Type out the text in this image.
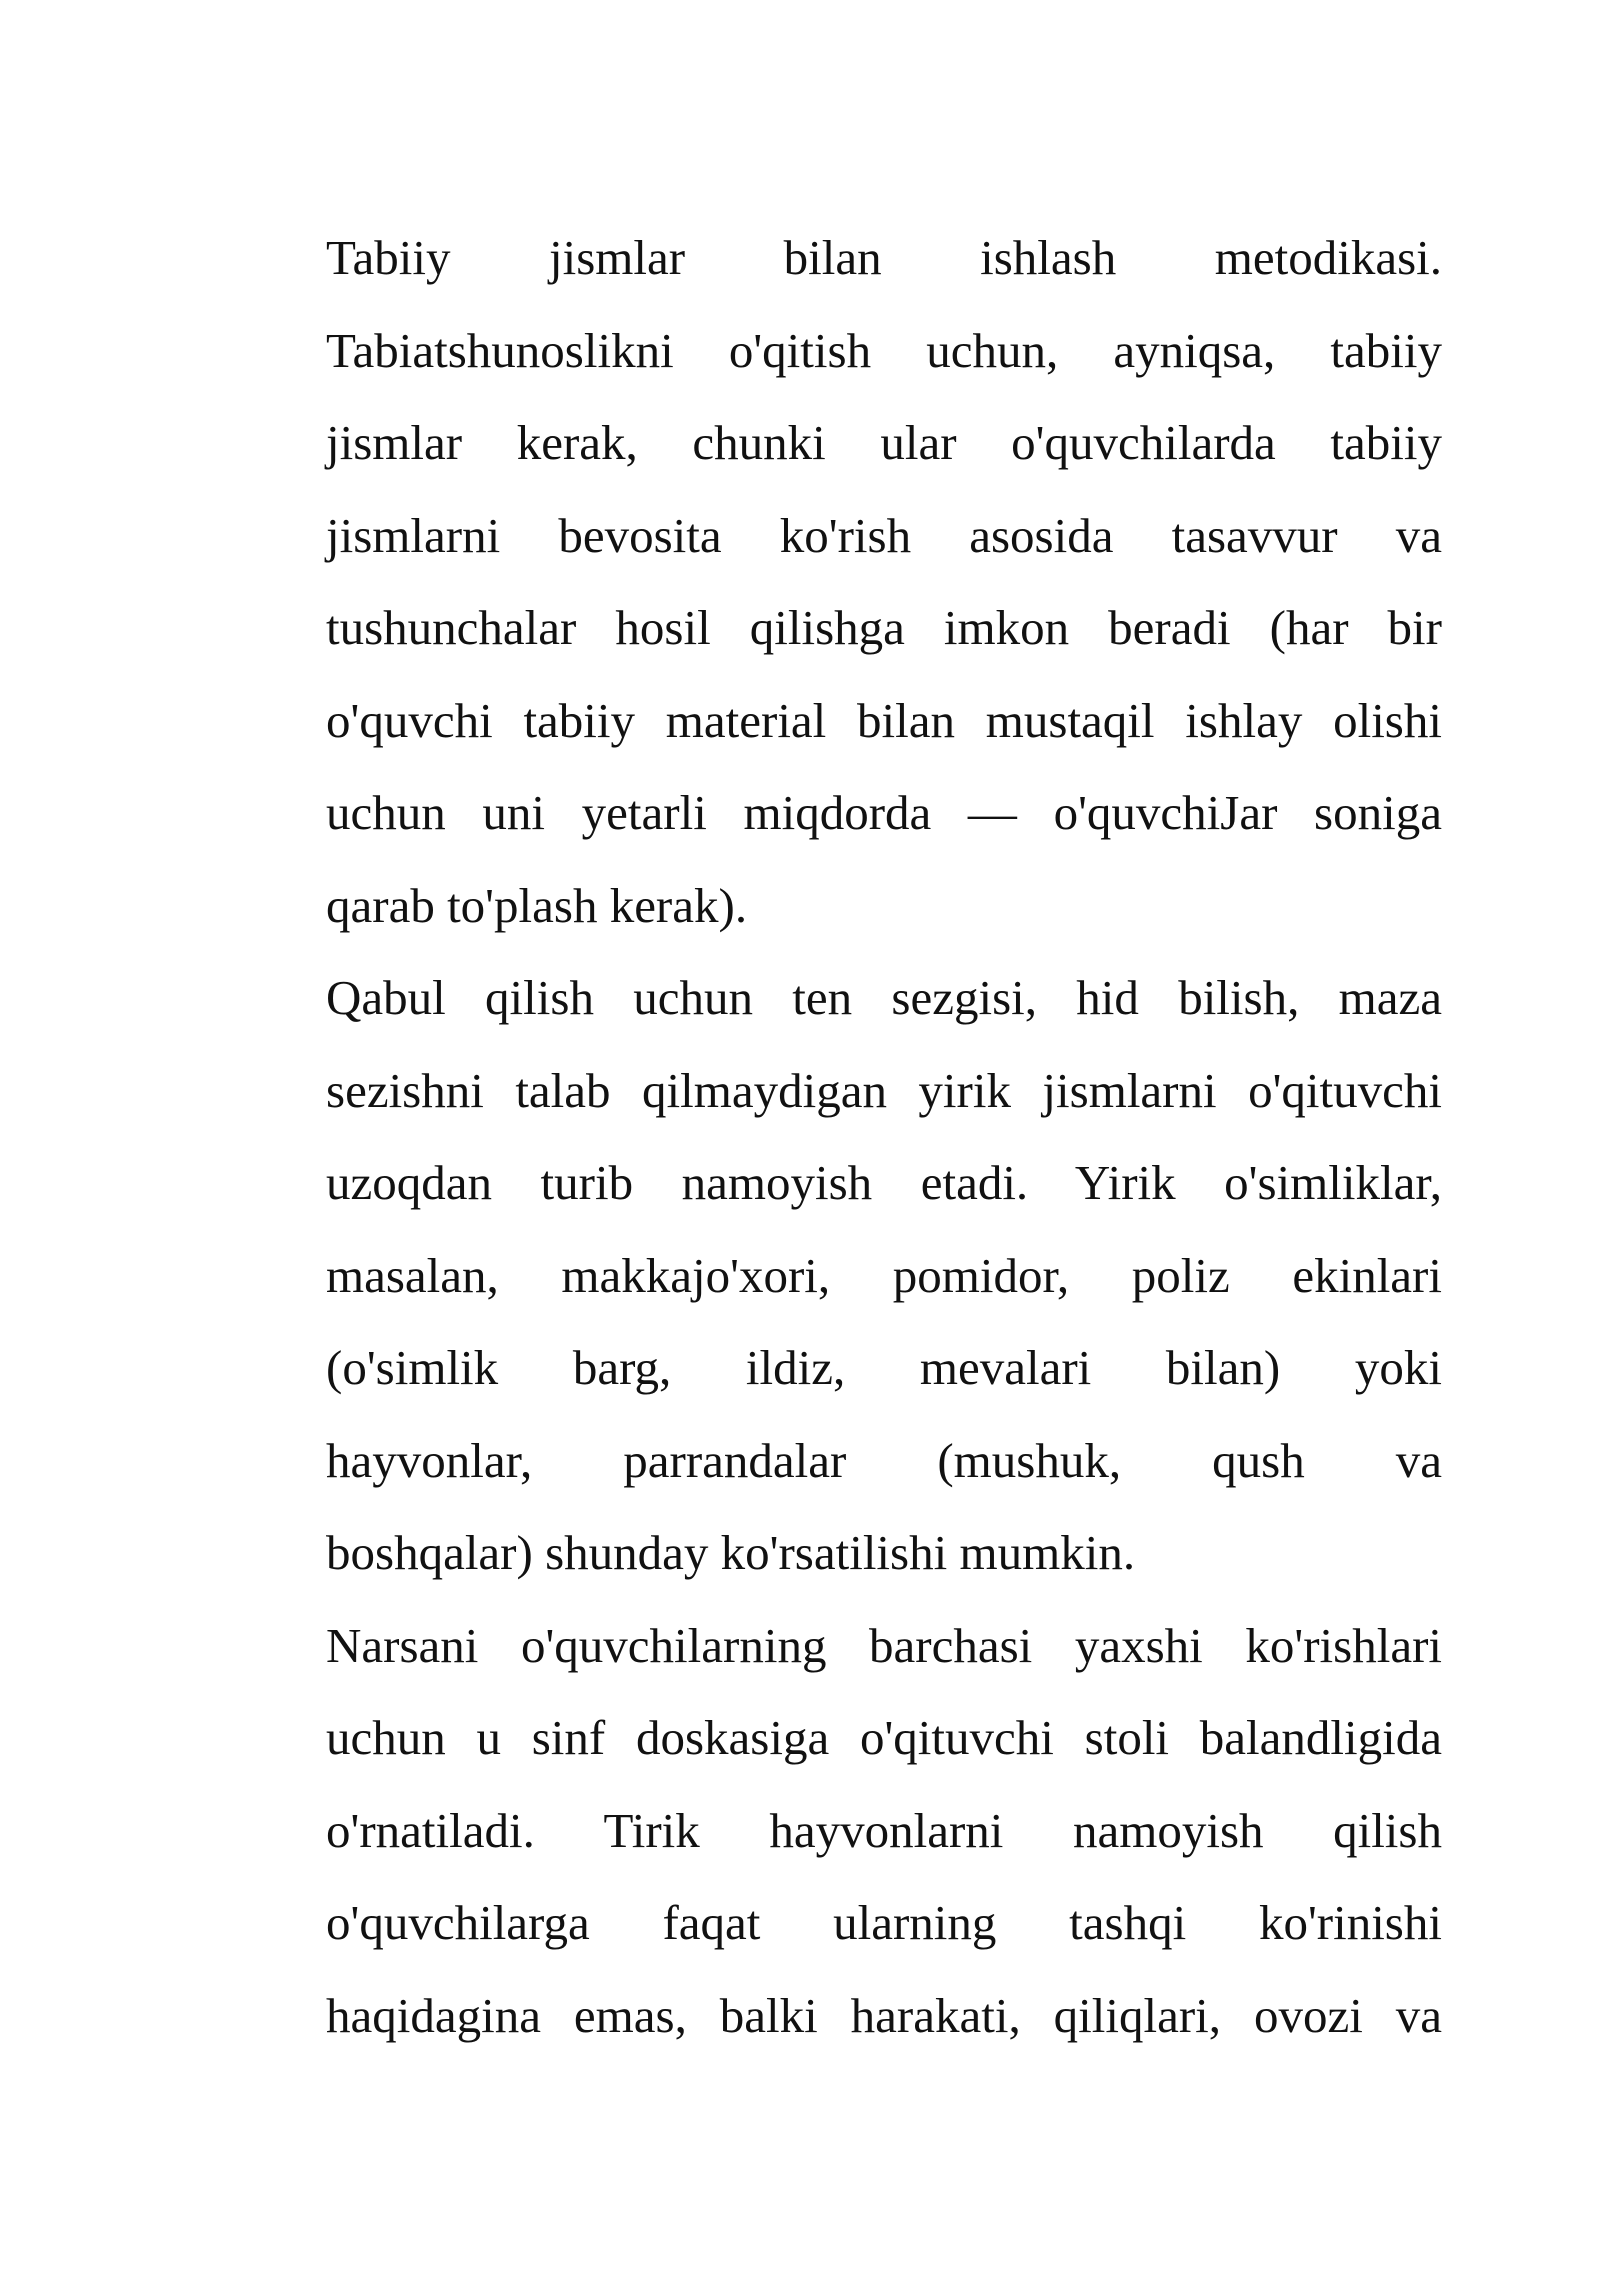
Tabiiy jismlar bilan ishlash metodikasi.
Tabiatshunoslikni o'qitish uchun, ayniqsa, tabiiy
jismlar kerak, chunki ular o'quvchilarda tabiiy
jismlarni bevosita ko'rish asosida tasavvur va
tushunchalar hosil qilishga imkon beradi (har bir
o'quvchi tabiiy material bilan mustaqil ishlay olishi
uchun uni yetarli miqdorda — o'quvchiJar soniga
qarab to'plash kerak).
Qabul qilish uchun ten sezgisi, hid bilish, maza
sezishni talab qilmaydigan yirik jismlarni o'qituvchi
uzoqdan turib namoyish etadi. Yirik o'simliklar,
masalan, makkajo'xori, pomidor, poliz ekinlari
(o'simlik barg, ildiz, mevalari bilan) yoki
hayvonlar, parrandalar (mushuk, qush va
boshqalar) shunday ko'rsatilishi mumkin.
Narsani o'quvchilarning barchasi yaxshi ko'rishlari
uchun u sinf doskasiga o'qituvchi stoli balandligida
o'rnatiladi. Tirik hayvonlarni namoyish qilish
o'quvchilarga faqat ularning tashqi ko'rinishi
haqidagina emas, balki harakati, qiliqlari, ovozi va
